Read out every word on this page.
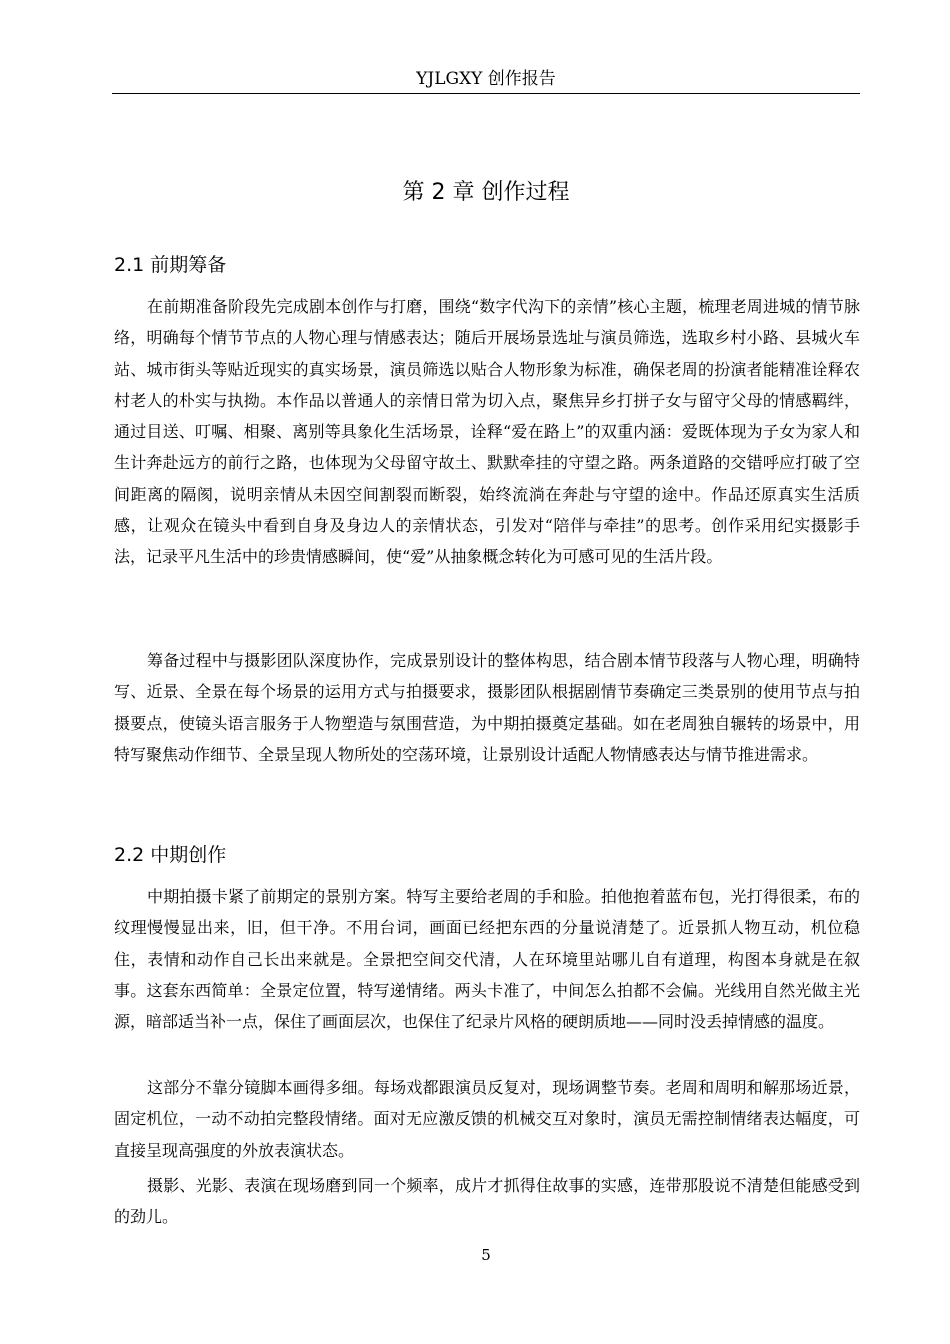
YJLGXY 创作报告
第 2 章 创作过程
2.1 前期筹备

在前期准备阶段先完成剧本创作与打磨，围绕“数字代沟下的亲情”核心主题，梳理老周进城的情节脉络，明确每个情节节点的人物心理与情感表达；随后开展场景选址与演员筛选，选取乡村小路、县城火车站、城市街头等贴近现实的真实场景，演员筛选以贴合人物形象为标准，确保老周的扮演者能精准诠释农村老人的朴实与执拗。本作品以普通人的亲情日常为切入点，聚焦异乡打拼子女与留守父母的情感羁绊，通过目送、叮嘱、相聚、离别等具象化生活场景，诠释“爱在路上”的双重内涵：爱既体现为子女为家人和生计奔赴远方的前行之路，也体现为父母留守故土、默默牵挂的守望之路。两条道路的交错呼应打破了空间距离的隔阂，说明亲情从未因空间割裂而断裂，始终流淌在奔赴与守望的途中。作品还原真实生活质感，让观众在镜头中看到自身及身边人的亲情状态，引发对“陪伴与牵挂”的思考。创作采用纪实摄影手法，记录平凡生活中的珍贵情感瞬间，使“爱”从抽象概念转化为可感可见的生活片段。

筹备过程中与摄影团队深度协作，完成景别设计的整体构思，结合剧本情节段落与人物心理，明确特写、近景、全景在每个场景的运用方式与拍摄要求，摄影团队根据剧情节奏确定三类景别的使用节点与拍摄要点，使镜头语言服务于人物塑造与氛围营造，为中期拍摄奠定基础。如在老周独自辗转的场景中，用特写聚焦动作细节、全景呈现人物所处的空荡环境，让景别设计适配人物情感表达与情节推进需求。

2.2 中期创作

中期拍摄卡紧了前期定的景别方案。特写主要给老周的手和脸。拍他抱着蓝布包，光打得很柔，布的纹理慢慢显出来，旧，但干净。不用台词，画面已经把东西的分量说清楚了。近景抓人物互动，机位稳住，表情和动作自己长出来就是。全景把空间交代清，人在环境里站哪儿自有道理，构图本身就是在叙事。这套东西简单：全景定位置，特写递情绪。两头卡准了，中间怎么拍都不会偏。光线用自然光做主光源，暗部适当补一点，保住了画面层次，也保住了纪录片风格的硬朗质地——同时没丢掉情感的温度。

这部分不靠分镜脚本画得多细。每场戏都跟演员反复对，现场调整节奏。老周和周明和解那场近景，固定机位，一动不动拍完整段情绪。面对无应激反馈的机械交互对象时，演员无需控制情绪表达幅度，可直接呈现高强度的外放表演状态。

摄影、光影、表演在现场磨到同一个频率，成片才抓得住故事的实感，连带那股说不清楚但能感受到的劲儿。

5
